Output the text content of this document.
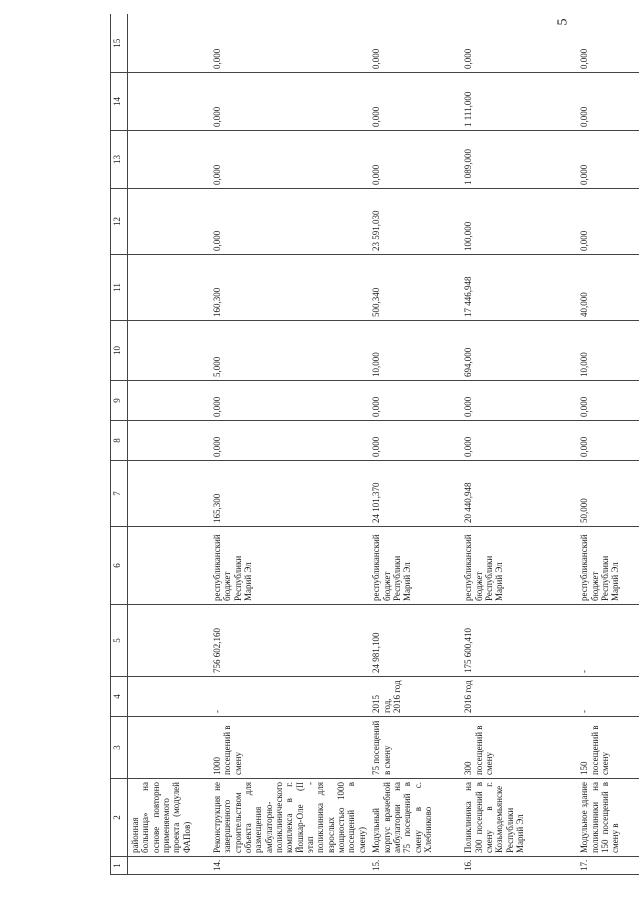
5
1	2	3	4	5	6	7	8	9	10	11	12	13	14	15
	районная больница» на основе повторно применяемого проекта (модулей ФАПов)													
14.	Реконструкция не завершенного строительством объекта для размещения амбулаторно-поликлинического комплекса в г. Йошкар-Оле (II этап - поликлиника для взрослых мощностью 1000 посещений в смену)	1000 посещений в смену	-	756 602,160	республиканский бюджет Республики Марий Эл	165,300	0,000	0,000	5,000	160,300	0,000	0,000	0,000	0,000
15.	Модульный корпус врачебной амбулатории на 75 посещений в смену в с. Хлебниково	75 посещений в смену	2015 год, 2016 год	24 981,100	республиканский бюджет Республики Марий Эл	24 101,370	0,000	0,000	10,000	500,340	23 591,030	0,000	0,000	0,000
16.	Поликлиника на 300 посещений в смену в г. Козьмодемьянске Республики Марий Эл	300 посещений в смену	2016 год	175 600,410	республиканский бюджет Республики Марий Эл	20 440,948	0,000	0,000	694,000	17 446,948	100,000	1 089,000	1 111,000	0,000
17.	Модульное здание поликлиники на 150 посещений в смену в	150 посещений в смену	-	-	республиканский бюджет Республики Марий Эл	50,000	0,000	0,000	10,000	40,000	0,000	0,000	0,000	0,000
